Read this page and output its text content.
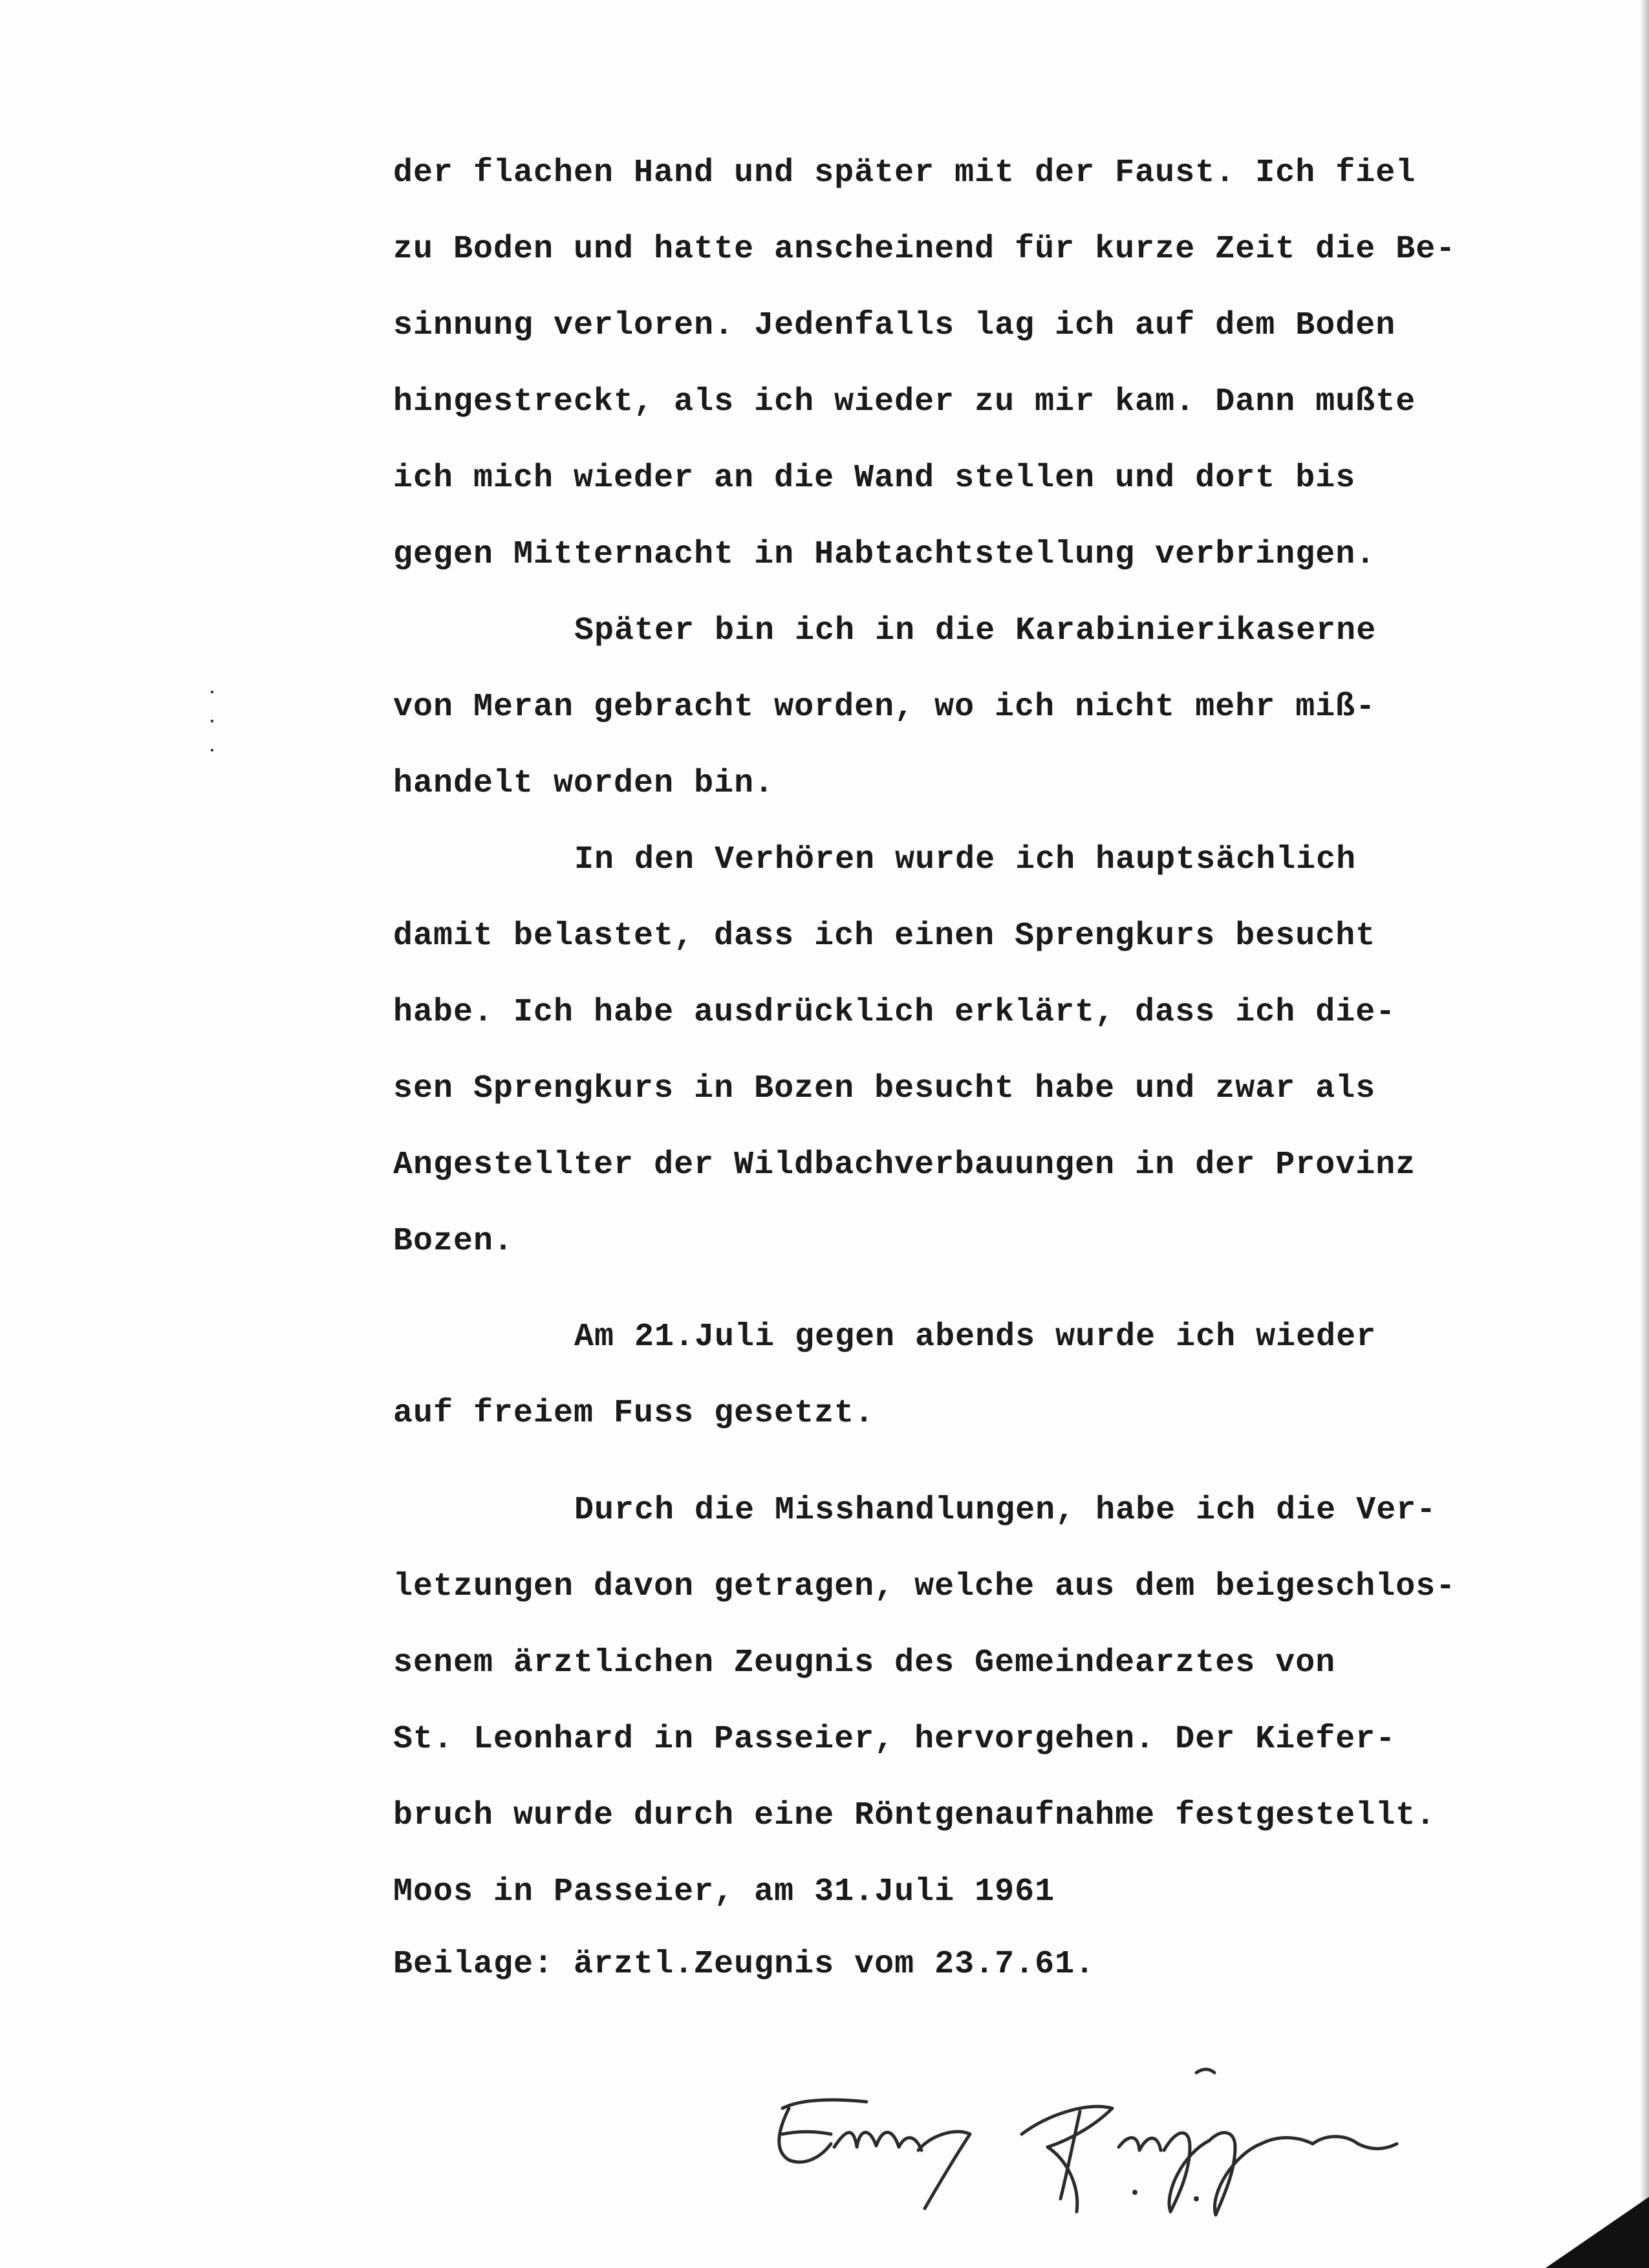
der flachen Hand und später mit der Faust. Ich fiel
zu Boden und hatte anscheinend für kurze Zeit die Be-
sinnung verloren. Jedenfalls lag ich auf dem Boden
hingestreckt, als ich wieder zu mir kam. Dann mußte
ich mich wieder an die Wand stellen und dort bis
gegen Mitternacht in Habtachtstellung verbringen.
Später bin ich in die Karabinierikaserne
von Meran gebracht worden, wo ich nicht mehr miß-
handelt worden bin.
In den Verhören wurde ich hauptsächlich
damit belastet, dass ich einen Sprengkurs besucht
habe. Ich habe ausdrücklich erklärt, dass ich die-
sen Sprengkurs in Bozen besucht habe und zwar als
Angestellter der Wildbachverbauungen in der Provinz
Bozen.
Am 21.Juli gegen abends wurde ich wieder
auf freiem Fuss gesetzt.
Durch die Misshandlungen, habe ich die Ver-
letzungen davon getragen, welche aus dem beigeschlos-
senem ärztlichen Zeugnis des Gemeindearztes von
St. Leonhard in Passeier, hervorgehen. Der Kiefer-
bruch wurde durch eine Röntgenaufnahme festgestellt.
Moos in Passeier, am 31.Juli 1961
Beilage: ärztl.Zeugnis vom 23.7.61.
